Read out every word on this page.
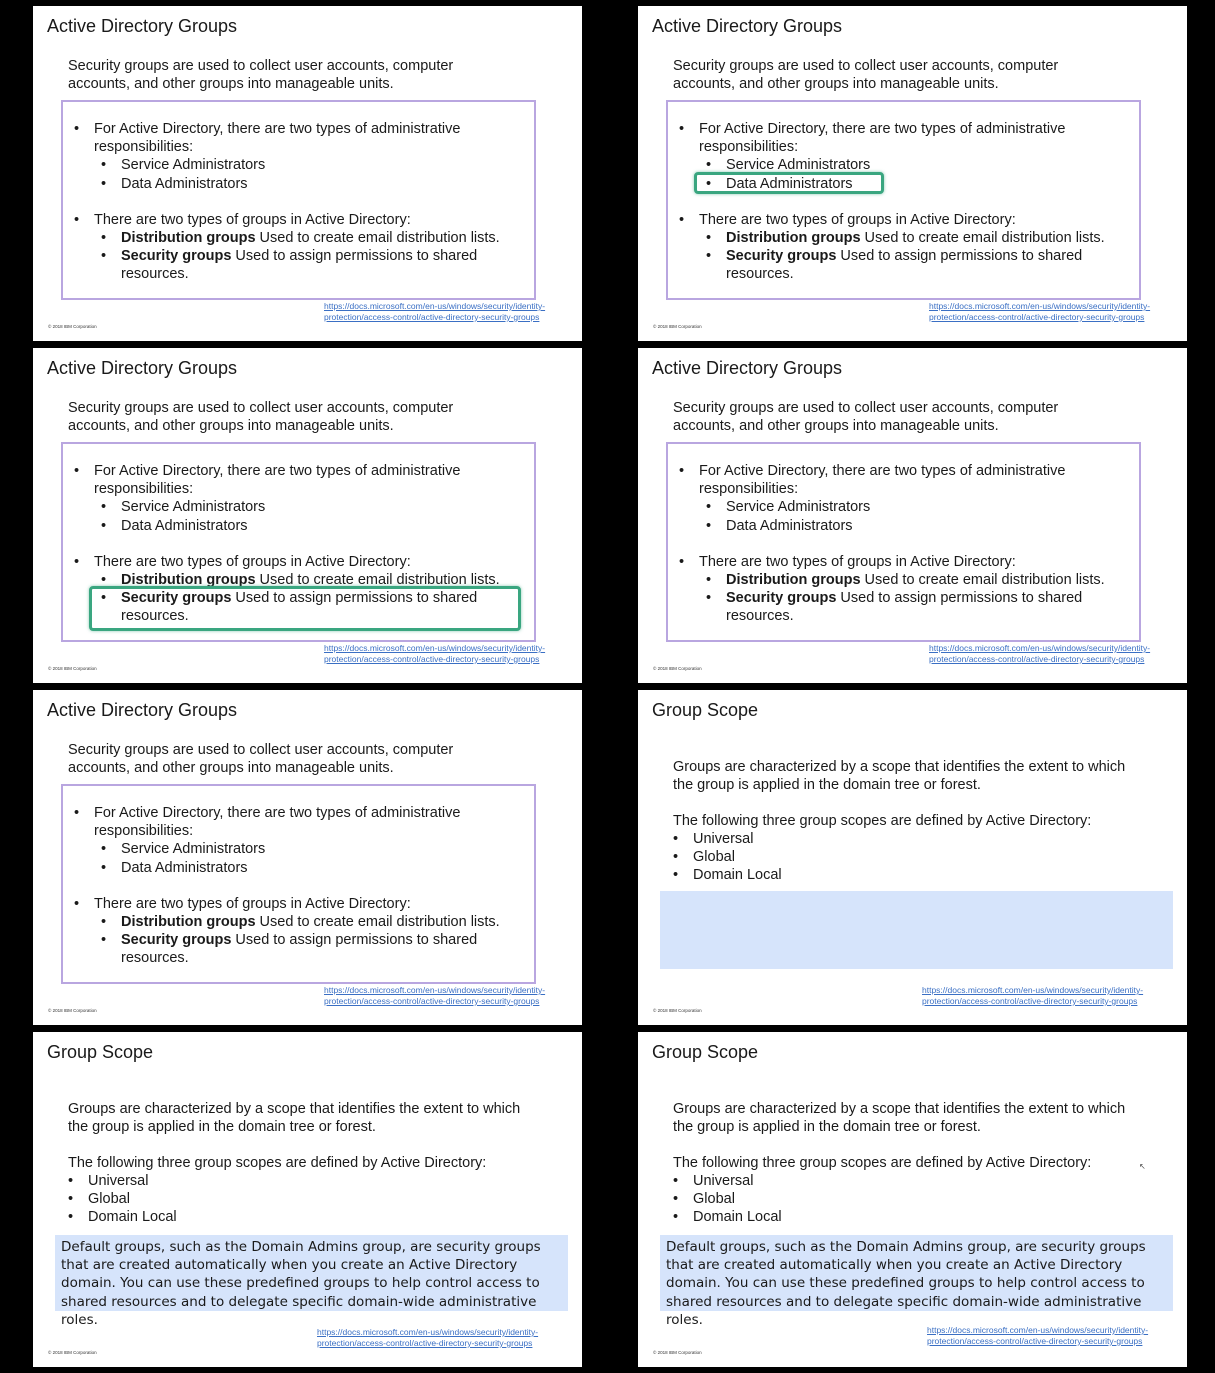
Active Directory Groups
Security groups are used to collect user accounts, computer accounts, and other groups into manageable units.
• For Active Directory, there are two types of administrative responsibilities:
• Service Administrators
• Data Administrators
• There are two types of groups in Active Directory:
• Distribution groups Used to create email distribution lists.
• Security groups Used to assign permissions to shared resources.
https://docs.microsoft.com/en-us/windows/security/identity-
protection/access-control/active-directory-security-groups
© 2018 IBM Corporation
Active Directory Groups
Security groups are used to collect user accounts, computer accounts, and other groups into manageable units.
• For Active Directory, there are two types of administrative responsibilities:
• Service Administrators
• Data Administrators
• There are two types of groups in Active Directory:
• Distribution groups Used to create email distribution lists.
• Security groups Used to assign permissions to shared resources.
https://docs.microsoft.com/en-us/windows/security/identity-
protection/access-control/active-directory-security-groups
© 2018 IBM Corporation
Active Directory Groups
Security groups are used to collect user accounts, computer accounts, and other groups into manageable units.
• For Active Directory, there are two types of administrative responsibilities:
• Service Administrators
• Data Administrators
• There are two types of groups in Active Directory:
• Distribution groups Used to create email distribution lists.
• Security groups Used to assign permissions to shared resources.
https://docs.microsoft.com/en-us/windows/security/identity-
protection/access-control/active-directory-security-groups
© 2018 IBM Corporation
Active Directory Groups
Security groups are used to collect user accounts, computer accounts, and other groups into manageable units.
• For Active Directory, there are two types of administrative responsibilities:
• Service Administrators
• Data Administrators
• There are two types of groups in Active Directory:
• Distribution groups Used to create email distribution lists.
• Security groups Used to assign permissions to shared resources.
https://docs.microsoft.com/en-us/windows/security/identity-
protection/access-control/active-directory-security-groups
© 2018 IBM Corporation
Active Directory Groups
Security groups are used to collect user accounts, computer accounts, and other groups into manageable units.
• For Active Directory, there are two types of administrative responsibilities:
• Service Administrators
• Data Administrators
• There are two types of groups in Active Directory:
• Distribution groups Used to create email distribution lists.
• Security groups Used to assign permissions to shared resources.
https://docs.microsoft.com/en-us/windows/security/identity-
protection/access-control/active-directory-security-groups
© 2018 IBM Corporation
Group Scope
Groups are characterized by a scope that identifies the extent to which the group is applied in the domain tree or forest.
The following three group scopes are defined by Active Directory:
• Universal
• Global
• Domain Local
https://docs.microsoft.com/en-us/windows/security/identity-
protection/access-control/active-directory-security-groups
© 2018 IBM Corporation
Group Scope
Groups are characterized by a scope that identifies the extent to which the group is applied in the domain tree or forest.
The following three group scopes are defined by Active Directory:
• Universal
• Global
• Domain Local
Default groups, such as the Domain Admins group, are security groups that are created automatically when you create an Active Directory domain. You can use these predefined groups to help control access to shared resources and to delegate specific domain-wide administrative roles.
https://docs.microsoft.com/en-us/windows/security/identity-
protection/access-control/active-directory-security-groups
© 2018 IBM Corporation
Group Scope
Groups are characterized by a scope that identifies the extent to which the group is applied in the domain tree or forest.
The following three group scopes are defined by Active Directory:
• Universal
• Global
• Domain Local
Default groups, such as the Domain Admins group, are security groups that are created automatically when you create an Active Directory domain. You can use these predefined groups to help control access to shared resources and to delegate specific domain-wide administrative roles.
↖
https://docs.microsoft.com/en-us/windows/security/identity-
protection/access-control/active-directory-security-groups
© 2018 IBM Corporation
